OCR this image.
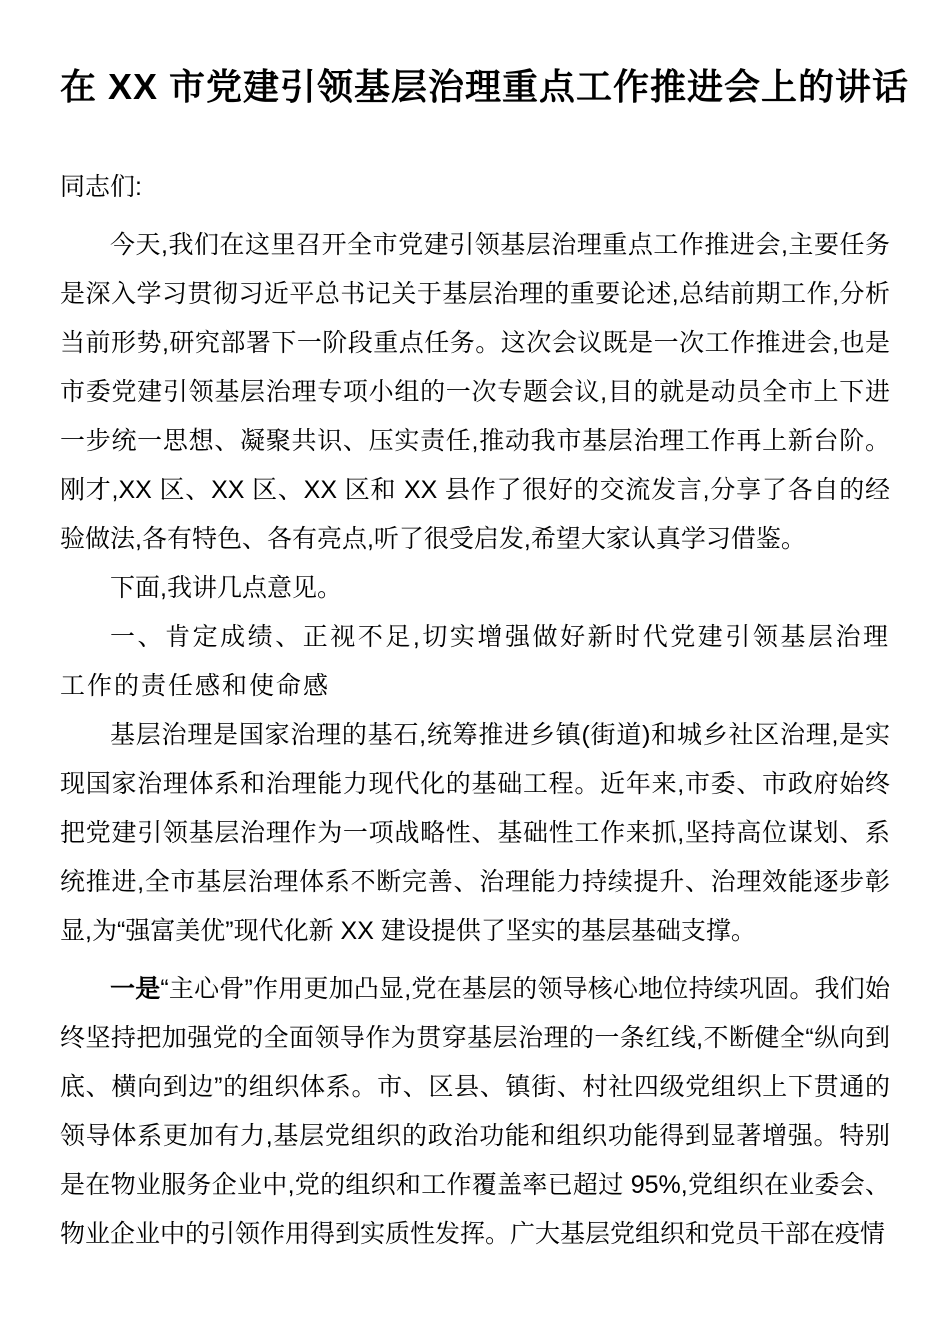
在 XX 市党建引领基层治理重点工作推进会上的讲话

同志们:

今天,我们在这里召开全市党建引领基层治理重点工作推进会,主要任务是深入学习贯彻习近平总书记关于基层治理的重要论述,总结前期工作,分析当前形势,研究部署下一阶段重点任务。这次会议既是一次工作推进会,也是市委党建引领基层治理专项小组的一次专题会议,目的就是动员全市上下进一步统一思想、凝聚共识、压实责任,推动我市基层治理工作再上新台阶。刚才,XX 区、XX 区、XX 区和 XX 县作了很好的交流发言,分享了各自的经验做法,各有特色、各有亮点,听了很受启发,希望大家认真学习借鉴。

下面,我讲几点意见。

一、肯定成绩、正视不足,切实增强做好新时代党建引领基层治理工作的责任感和使命感

基层治理是国家治理的基石,统筹推进乡镇(街道)和城乡社区治理,是实现国家治理体系和治理能力现代化的基础工程。近年来,市委、市政府始终把党建引领基层治理作为一项战略性、基础性工作来抓,坚持高位谋划、系统推进,全市基层治理体系不断完善、治理能力持续提升、治理效能逐步彰显,为“强富美优”现代化新 XX 建设提供了坚实的基层基础支撑。

一是“主心骨”作用更加凸显,党在基层的领导核心地位持续巩固。我们始终坚持把加强党的全面领导作为贯穿基层治理的一条红线,不断健全“纵向到底、横向到边”的组织体系。市、区县、镇街、村社四级党组织上下贯通的领导体系更加有力,基层党组织的政治功能和组织功能得到显著增强。特别是在物业服务企业中,党的组织和工作覆盖率已超过 95%,党组织在业委会、物业企业中的引领作用得到实质性发挥。广大基层党组织和党员干部在疫情
